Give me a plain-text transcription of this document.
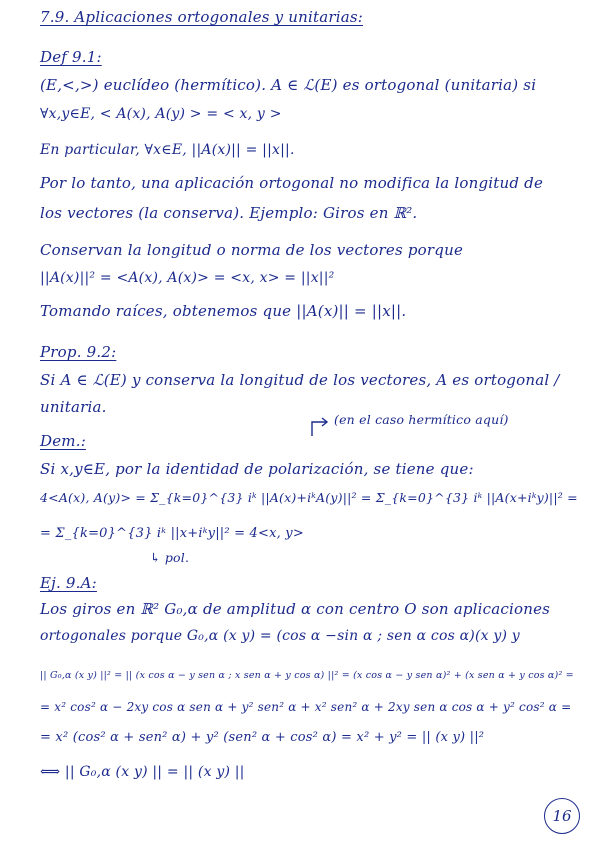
7.9. Aplicaciones ortogonales y unitarias:
Def 9.1:
(E,<,>) euclídeo (hermítico). A ∈ ℒ(E) es ortogonal (unitaria) si
∀x,y∈E, < A(x), A(y) > = < x, y >
En particular, ∀x∈E, ||A(x)|| = ||x||.
Por lo tanto, una aplicación ortogonal no modifica la longitud de
los vectores (la conserva). Ejemplo: Giros en ℝ².
Conservan la longitud o norma de los vectores porque
||A(x)||² = <A(x), A(x)> = <x, x> = ||x||²
Tomando raíces, obtenemos que ||A(x)|| = ||x||.
Prop. 9.2:
Si A ∈ ℒ(E) y conserva la longitud de los vectores, A es ortogonal /
unitaria.
(en el caso hermítico aquí)
Dem.:
Si x,y∈E, por la identidad de polarización, se tiene que:
4<A(x), A(y)> = Σ_{k=0}^{3} iᵏ ||A(x)+iᵏA(y)||² = Σ_{k=0}^{3} iᵏ ||A(x+iᵏy)||² =
= Σ_{k=0}^{3} iᵏ ||x+iᵏy||² = 4<x, y>
↳ pol.
Ej. 9.A:
Los giros en ℝ² G₀,α de amplitud α con centro O son aplicaciones
ortogonales porque G₀,α (x y) = (cos α −sin α ; sen α cos α)(x y) y
|| G₀,α (x y) ||² = || (x cos α − y sen α ; x sen α + y cos α) ||² = (x cos α − y sen α)² + (x sen α + y cos α)² =
= x² cos² α − 2xy cos α sen α + y² sen² α + x² sen² α + 2xy sen α cos α + y² cos² α =
= x² (cos² α + sen² α) + y² (sen² α + cos² α) = x² + y² = || (x y) ||²
⟺ || G₀,α (x y) || = || (x y) ||
16
